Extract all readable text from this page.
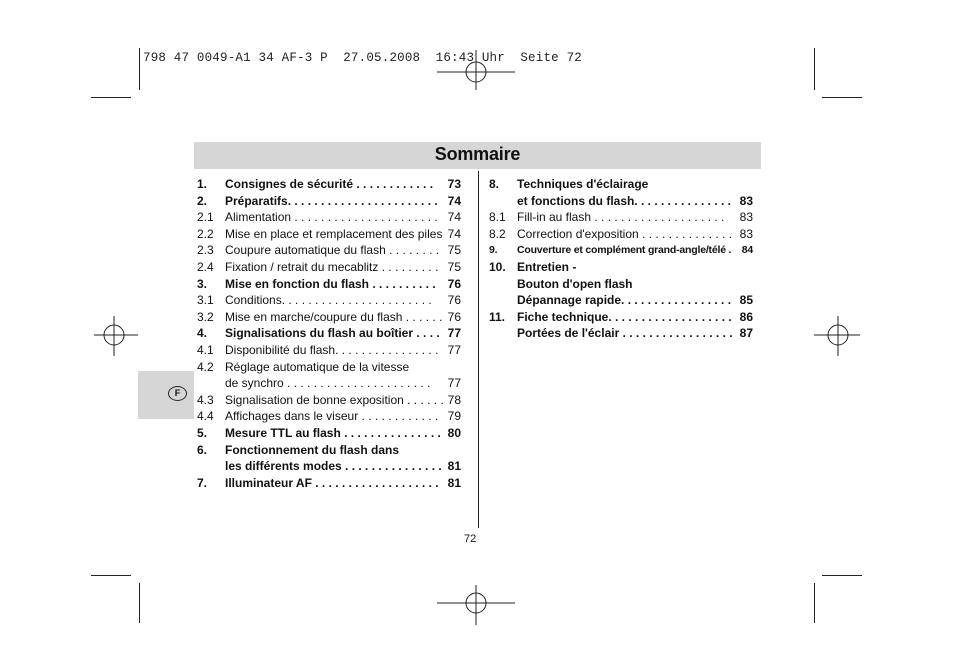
798 47 0049-A1 34 AF-3 P  27.05.2008  16:43 Uhr  Seite 72
Sommaire
F
1.	Consignes de sécurité . . . . . . . . . . . .	73
2.	Préparatifs. . . . . . . . . . . . . . . . . . . . . . . 74
2.1 Alimentation . . . . . . . . . . . . . . . . . . . . . . 74
2.2 Mise en place et remplacement des piles 74
2.3 Coupure automatique du flash . . . . . . . . 75
2.4 Fixation / retrait du mecablitz . . . . . . . . . 75
3.	Mise en fonction du flash . . . . . . . . . . 76
3.1 Conditions. . . . . . . . . . . . . . . . . . . . . . .	76
3.2 Mise en marche/coupure du flash . . . . . . 76
4.	Signalisations du flash au boîtier . . . . 77
4.1 Disponibilité du flash. . . . . . . . . . . . . . . . 77
4.2 Réglage automatique de la vitesse
de synchro . . . . . . . . . . . . . . . . . . . . . .	77
4.3 Signalisation de bonne exposition . . . . . . 78
4.4 Affichages dans le viseur . . . . . . . . . . . . 79
5.	Mesure TTL au flash . . . . . . . . . . . . . . . 80
6.	Fonctionnement du flash dans
les différents modes . . . . . . . . . . . . . . . 81
7.	Illuminateur AF . . . . . . . . . . . . . . . . . . . 81
8.	Techniques d'éclairage
et fonctions du flash. . . . . . . . . . . . . . . 83
8.1 Fill-in au flash . . . . . . . . . . . . . . . . . . . .	83
8.2 Correction d'exposition . . . . . . . . . . . . . . 83
9.	Couverture et complément grand-angle/télé . 84
10. Entretien -
Bouton d'open flash
Dépannage rapide. . . . . . . . . . . . . . . . . 85
11. Fiche technique. . . . . . . . . . . . . . . . . . . 86
Portées de l'éclair . . . . . . . . . . . . . . . . . 87
72
